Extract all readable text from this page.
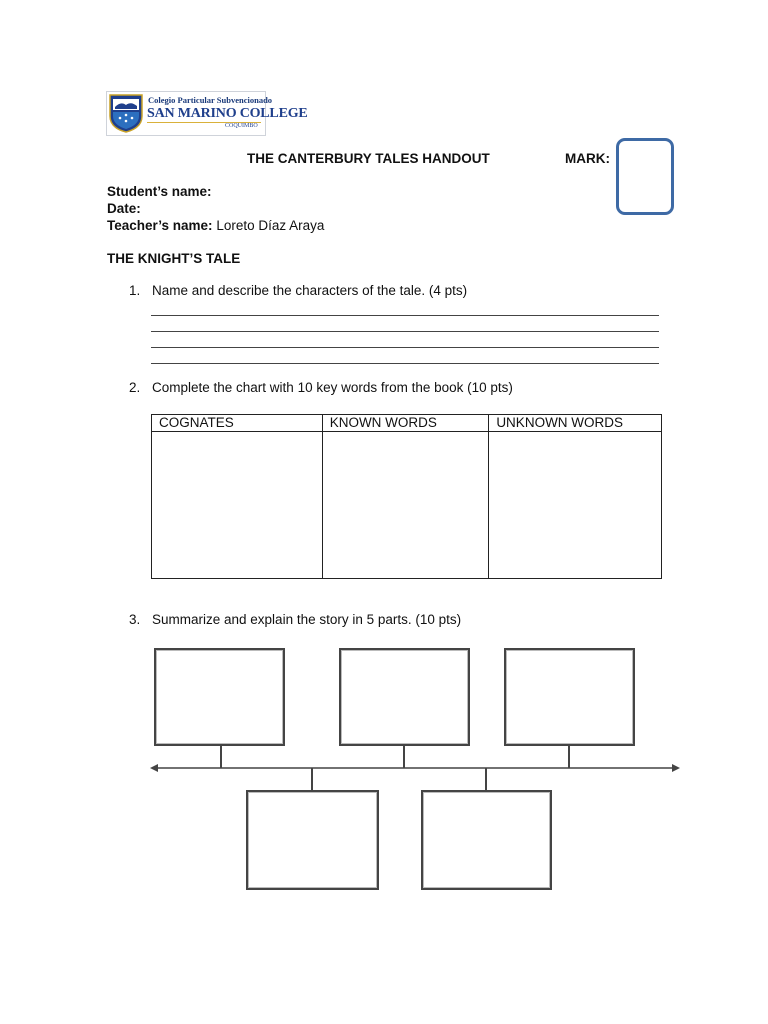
Colegio Particular Subvencionado
SAN MARINO COLLEGE
COQUIMBO
THE CANTERBURY TALES HANDOUT	MARK:
Student’s name:
Date:
Teacher’s name: Loreto Díaz Araya
THE KNIGHT’S TALE
1. Name and describe the characters of the tale. (4 pts)
2. Complete the chart with 10 key words from the book (10 pts)
COGNATES	KNOWN WORDS	UNKNOWN WORDS

3. Summarize and explain the story in 5 parts. (10 pts)
